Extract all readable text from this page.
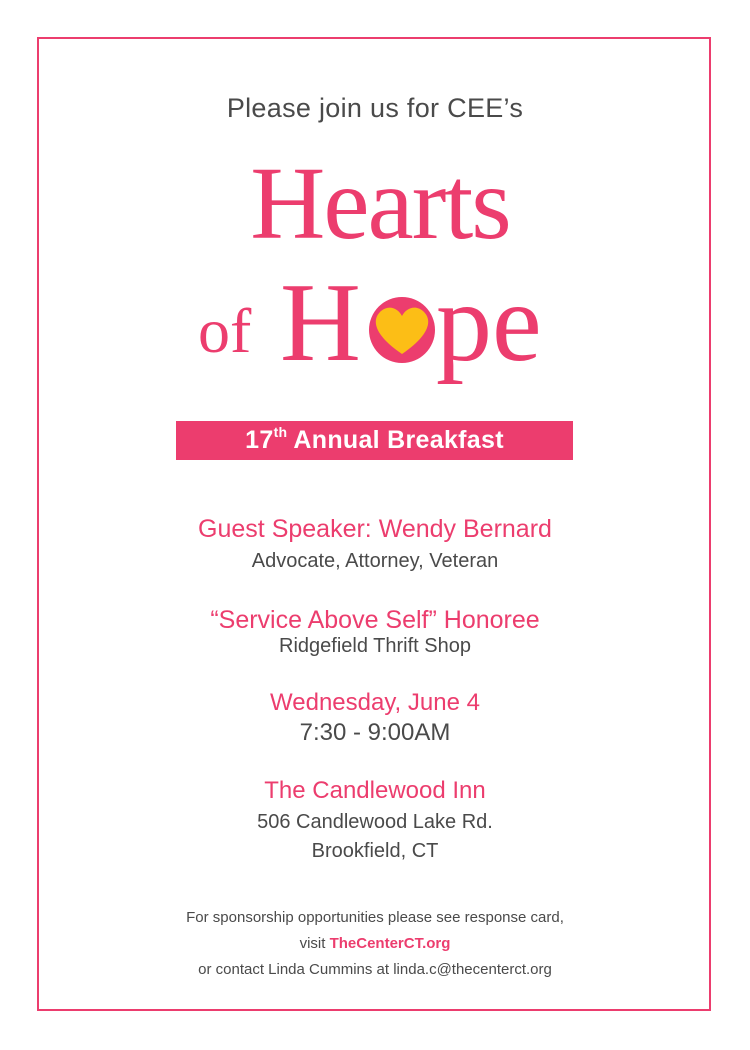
Please join us for CEE’s
Hearts
of H pe
17th Annual Breakfast
Guest Speaker: Wendy Bernard
Advocate, Attorney, Veteran
“Service Above Self” Honoree
Ridgefield Thrift Shop
Wednesday, June 4
7:30 - 9:00AM
The Candlewood Inn
506 Candlewood Lake Rd.
Brookfield, CT
For sponsorship opportunities please see response card,
visit TheCenterCT.org
or contact Linda Cummins at linda.c@thecenterct.org
